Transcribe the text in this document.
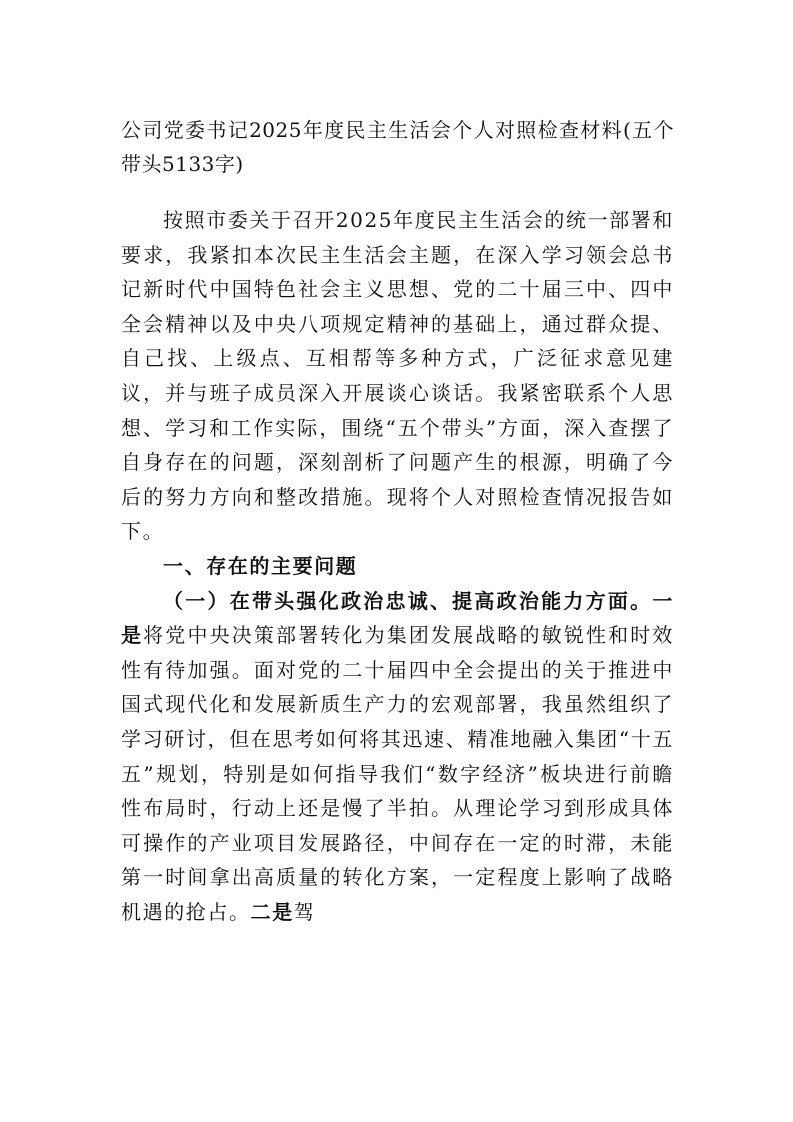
公司党委书记2025年度民主生活会个人对照检查材料(五个带头5133字)

按照市委关于召开2025年度民主生活会的统一部署和要求，我紧扣本次民主生活会主题，在深入学习领会总书记新时代中国特色社会主义思想、党的二十届三中、四中全会精神以及中央八项规定精神的基础上，通过群众提、自己找、上级点、互相帮等多种方式，广泛征求意见建议，并与班子成员深入开展谈心谈话。我紧密联系个人思想、学习和工作实际，围绕“五个带头”方面，深入查摆了自身存在的问题，深刻剖析了问题产生的根源，明确了今后的努力方向和整改措施。现将个人对照检查情况报告如下。

一、存在的主要问题

（一）在带头强化政治忠诚、提高政治能力方面。一是将党中央决策部署转化为集团发展战略的敏锐性和时效性有待加强。面对党的二十届四中全会提出的关于推进中国式现代化和发展新质生产力的宏观部署，我虽然组织了学习研讨，但在思考如何将其迅速、精准地融入集团“十五五”规划，特别是如何指导我们“数字经济”板块进行前瞻性布局时，行动上还是慢了半拍。从理论学习到形成具体可操作的产业项目发展路径，中间存在一定的时滞，未能第一时间拿出高质量的转化方案，一定程度上影响了战略机遇的抢占。二是驾
